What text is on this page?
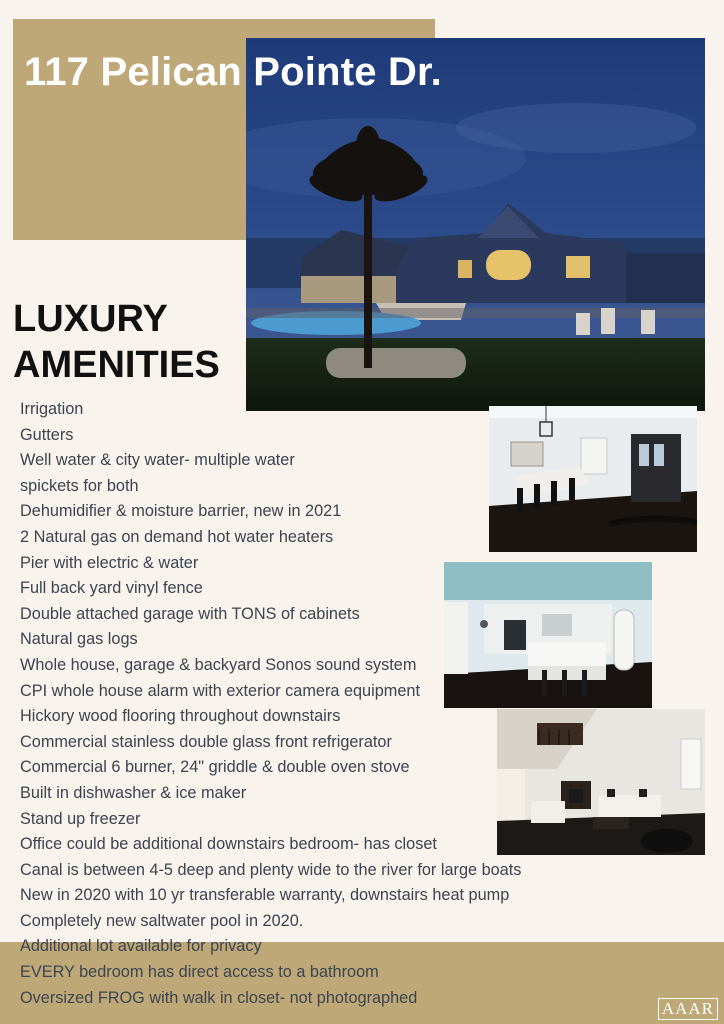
117 Pelican Pointe Dr.
LUXURY
AMENITIES
Irrigation
Gutters
Well water & city water- multiple water
spickets for both
Dehumidifier & moisture barrier, new in 2021
2 Natural gas on demand hot water heaters
Pier with electric & water
Full back yard vinyl fence
Double attached garage with TONS of cabinets
Natural gas logs
Whole house, garage & backyard Sonos sound system
CPI whole house alarm with exterior camera equipment
Hickory wood flooring throughout downstairs
Commercial stainless double glass front refrigerator
Commercial 6 burner, 24" griddle & double oven stove
Built in dishwasher & ice maker
Stand up freezer
Office could be additional downstairs bedroom- has closet
Canal is between 4-5 deep and plenty wide to the river for large boats
New in 2020 with 10 yr transferable warranty, downstairs heat pump
Completely new saltwater pool in 2020.
Additional lot available for privacy
EVERY bedroom has direct access to a bathroom
Oversized FROG with walk in closet- not photographed
AAAR
